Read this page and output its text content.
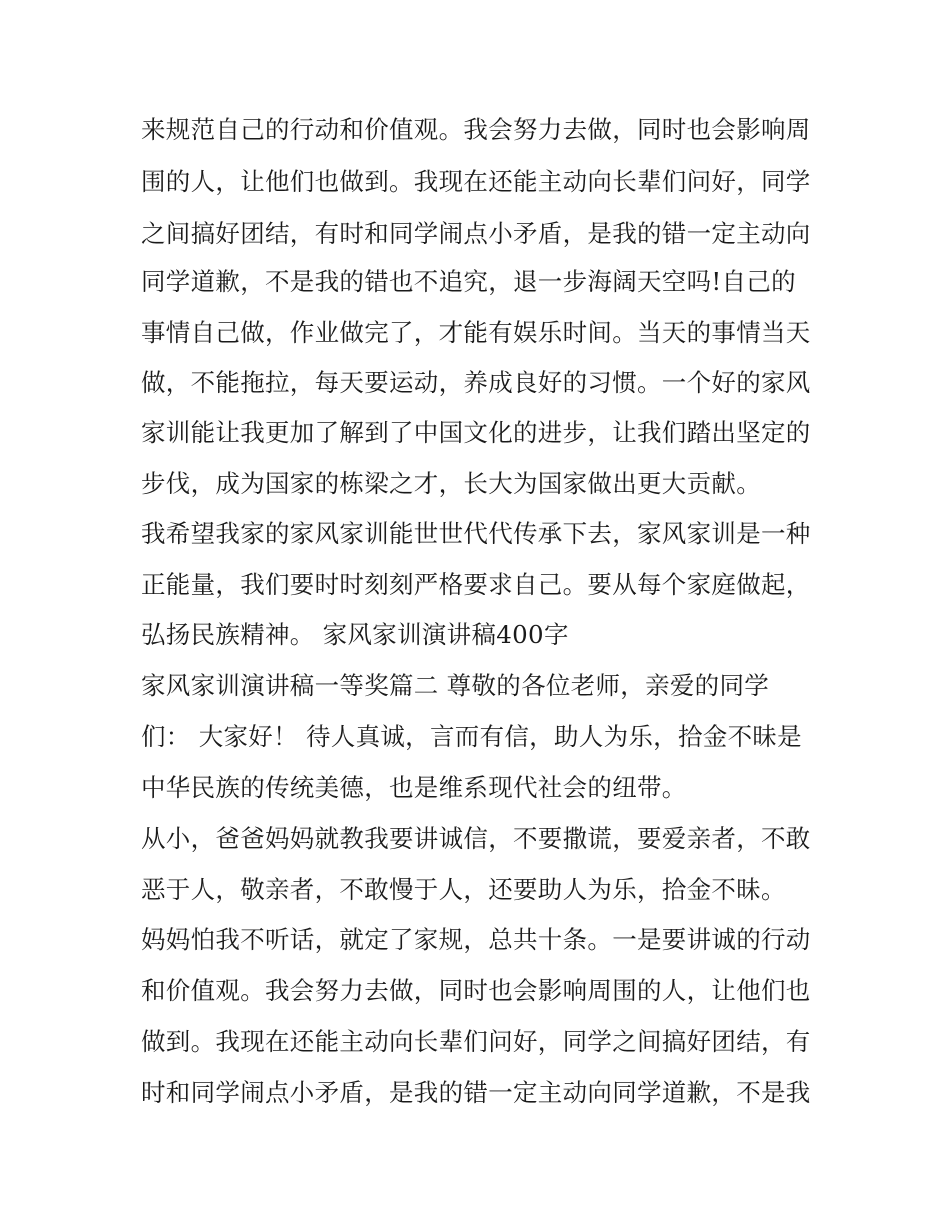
来规范自己的行动和价值观。我会努力去做，同时也会影响周
围的人，让他们也做到。我现在还能主动向长辈们问好，同学
之间搞好团结，有时和同学闹点小矛盾，是我的错一定主动向
同学道歉，不是我的错也不追究，退一步海阔天空吗!自己的
事情自己做，作业做完了，才能有娱乐时间。当天的事情当天
做，不能拖拉，每天要运动，养成良好的习惯。一个好的家风
家训能让我更加了解到了中国文化的进步，让我们踏出坚定的
步伐，成为国家的栋梁之才，长大为国家做出更大贡献。
我希望我家的家风家训能世世代代传承下去，家风家训是一种
正能量，我们要时时刻刻严格要求自己。要从每个家庭做起，
弘扬民族精神。 家风家训演讲稿400字
家风家训演讲稿一等奖篇二 尊敬的各位老师，亲爱的同学
们： 大家好！ 待人真诚，言而有信，助人为乐，拾金不昧是
中华民族的传统美德，也是维系现代社会的纽带。
从小，爸爸妈妈就教我要讲诚信，不要撒谎，要爱亲者，不敢
恶于人，敬亲者，不敢慢于人，还要助人为乐，拾金不昧。
妈妈怕我不听话，就定了家规，总共十条。一是要讲诚的行动
和价值观。我会努力去做，同时也会影响周围的人，让他们也
做到。我现在还能主动向长辈们问好，同学之间搞好团结，有
时和同学闹点小矛盾，是我的错一定主动向同学道歉，不是我
